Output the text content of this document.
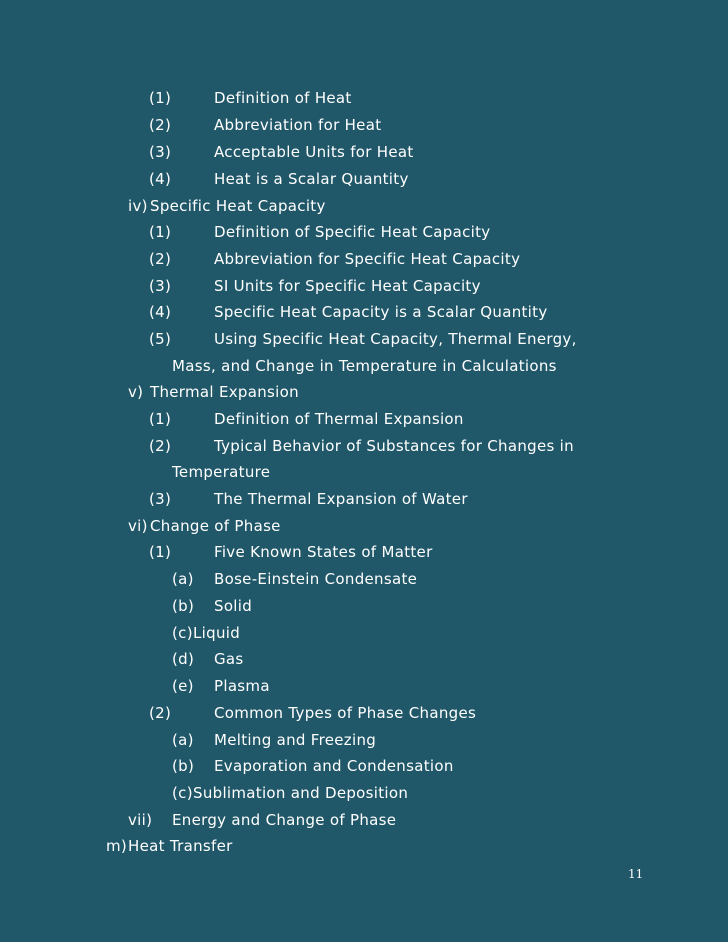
(1)	Definition of Heat
(2)	Abbreviation for Heat
(3)	Acceptable Units for Heat
(4)	Heat is a Scalar Quantity
iv) Specific Heat Capacity
(1)	Definition of Specific Heat Capacity
(2)	Abbreviation for Specific Heat Capacity
(3)	SI Units for Specific Heat Capacity
(4)	Specific Heat Capacity is a Scalar Quantity
(5)	Using Specific Heat Capacity, Thermal Energy,
Mass, and Change in Temperature in Calculations
v) Thermal Expansion
(1)	Definition of Thermal Expansion
(2)	Typical Behavior of Substances for Changes in
Temperature
(3)	The Thermal Expansion of Water
vi) Change of Phase
(1)	Five Known States of Matter
(a) Bose-Einstein Condensate
(b) Solid
(c) Liquid
(d) Gas
(e) Plasma
(2)	Common Types of Phase Changes
(a) Melting and Freezing
(b) Evaporation and Condensation
(c) Sublimation and Deposition
vii) Energy and Change of Phase
m) Heat Transfer
11
